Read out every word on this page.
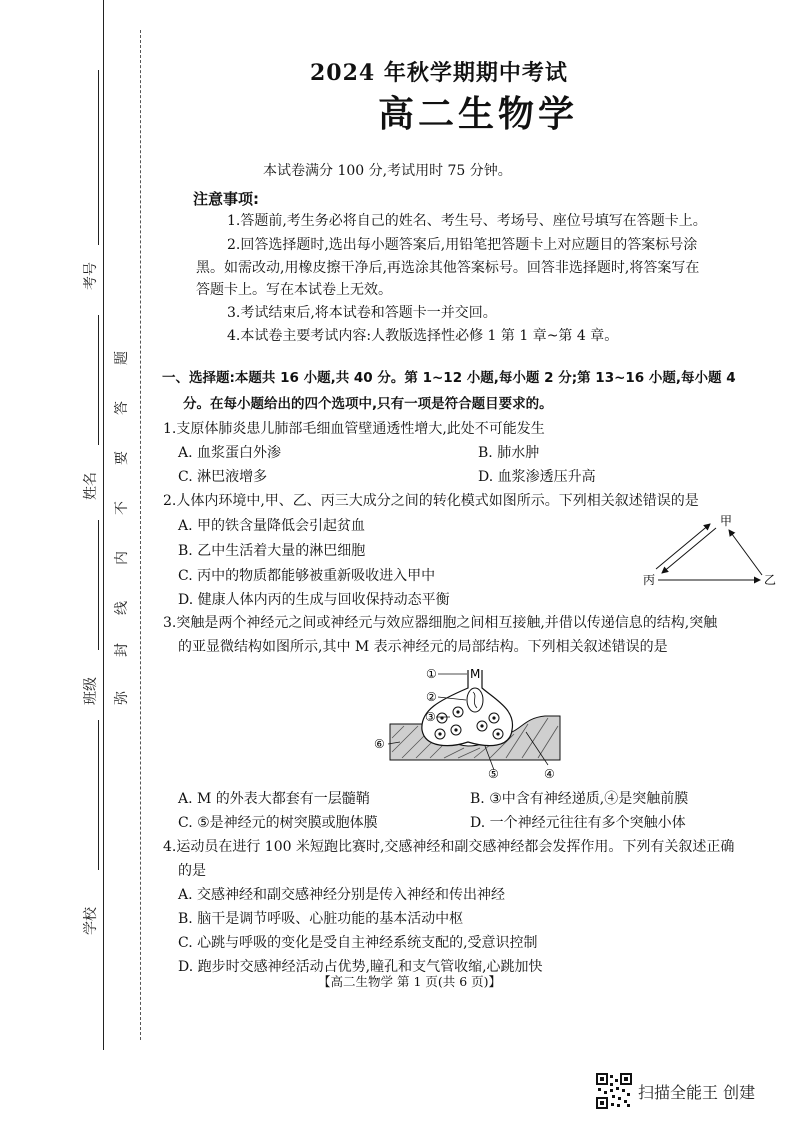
考号
姓名
班级
学校
题
答
要
不
内
线
封
弥
2024 年秋学期期中考试
高二生物学
本试卷满分 100 分,考试用时 75 分钟。
注意事项:
1.答题前,考生务必将自己的姓名、考生号、考场号、座位号填写在答题卡上。
2.回答选择题时,选出每小题答案后,用铅笔把答题卡上对应题目的答案标号涂
黑。如需改动,用橡皮擦干净后,再选涂其他答案标号。回答非选择题时,将答案写在
答题卡上。写在本试卷上无效。
3.考试结束后,将本试卷和答题卡一并交回。
4.本试卷主要考试内容:人教版选择性必修 1 第 1 章~第 4 章。
一、选择题:本题共 16 小题,共 40 分。第 1~12 小题,每小题 2 分;第 13~16 小题,每小题 4
分。在每小题给出的四个选项中,只有一项是符合题目要求的。
1.支原体肺炎患儿肺部毛细血管壁通透性增大,此处不可能发生
A. 血浆蛋白外渗	B. 肺水肿
C. 淋巴液增多	D. 血浆渗透压升高
2.人体内环境中,甲、乙、丙三大成分之间的转化模式如图所示。下列相关叙述错误的是
A. 甲的铁含量降低会引起贫血
B. 乙中生活着大量的淋巴细胞
C. 丙中的物质都能够被重新吸收进入甲中
D. 健康人体内丙的生成与回收保持动态平衡
甲
丙	乙
3.突触是两个神经元之间或神经元与效应器细胞之间相互接触,并借以传递信息的结构,突触
的亚显微结构如图所示,其中 M 表示神经元的局部结构。下列相关叙述错误的是
M
①
②
③
④
⑤
⑥
A. M 的外表大都套有一层髓鞘	B. ③中含有神经递质,④是突触前膜
C. ⑤是神经元的树突膜或胞体膜	D. 一个神经元往往有多个突触小体
4.运动员在进行 100 米短跑比赛时,交感神经和副交感神经都会发挥作用。下列有关叙述正确
的是
A. 交感神经和副交感神经分别是传入神经和传出神经
B. 脑干是调节呼吸、心脏功能的基本活动中枢
C. 心跳与呼吸的变化是受自主神经系统支配的,受意识控制
D. 跑步时交感神经活动占优势,瞳孔和支气管收缩,心跳加快
【高二生物学 第 1 页(共 6 页)】
扫描全能王 创建
